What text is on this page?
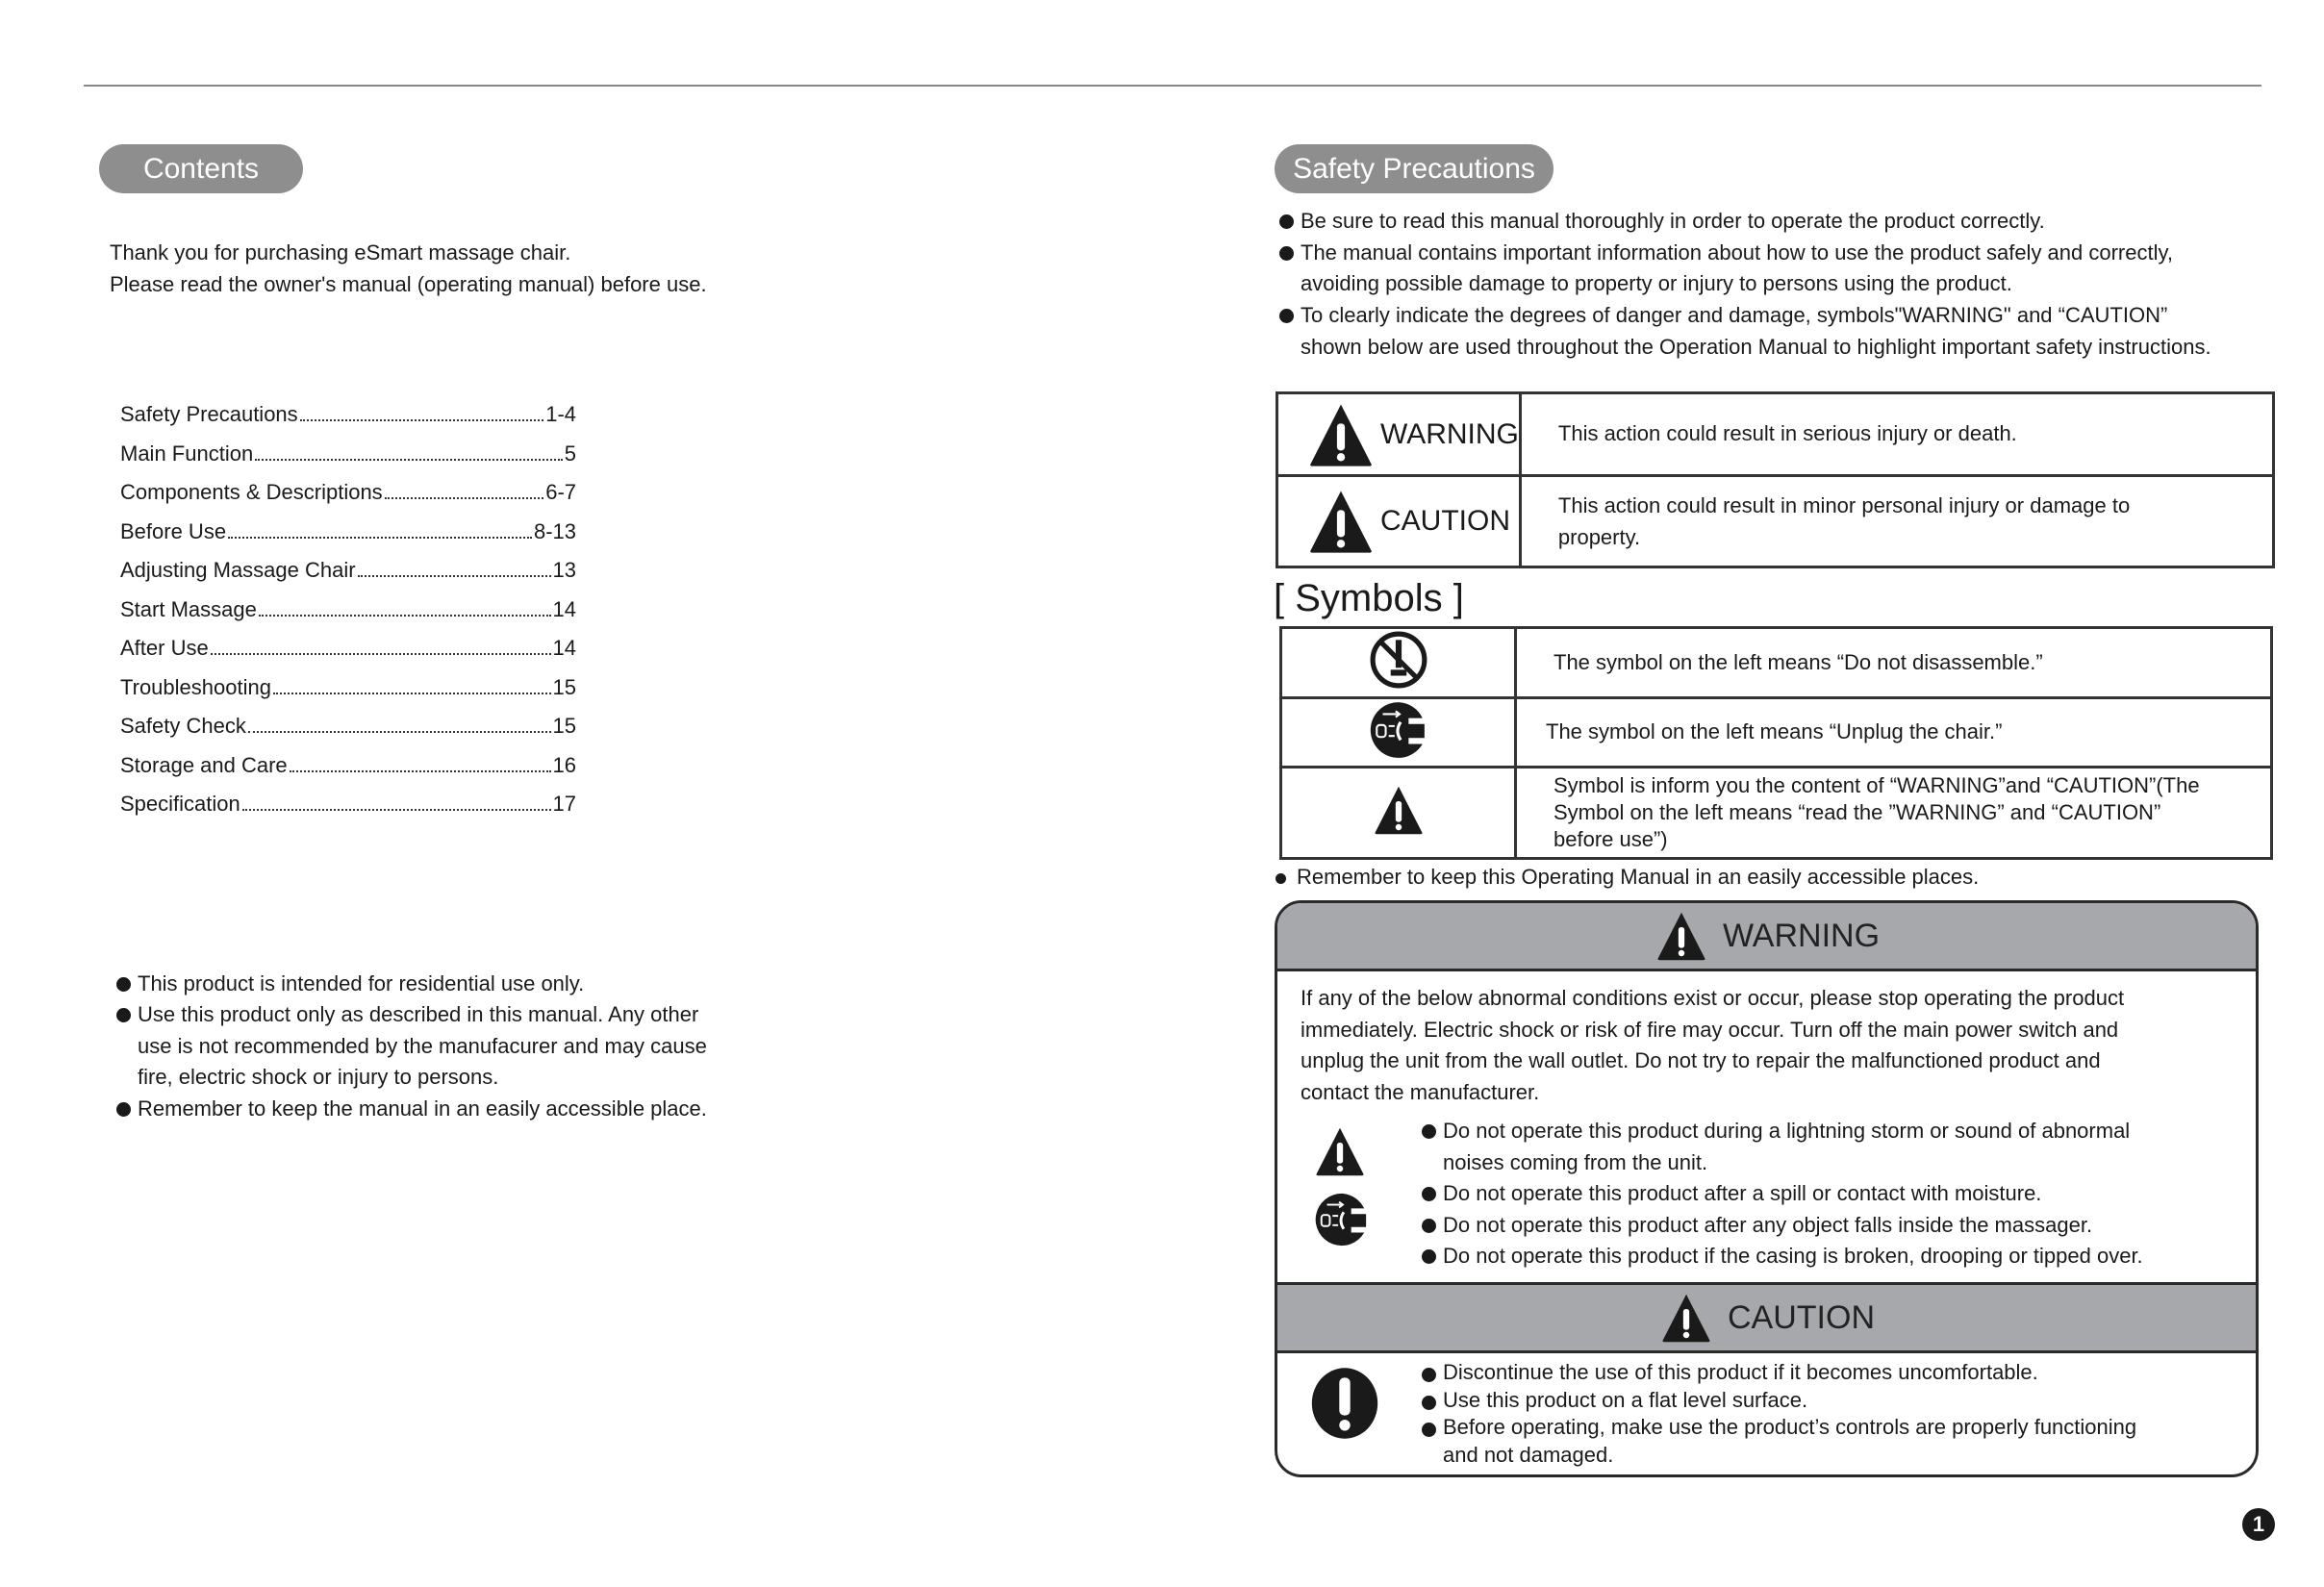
Contents
Thank you for purchasing eSmart massage chair.
Please read the owner's manual (operating manual) before use.
Safety Precautions	1-4
Main Function	5
Components & Descriptions	6-7
Before Use	8-13
Adjusting Massage Chair	13
Start Massage	14
After Use	14
Troubleshooting	15
Safety Check	15
Storage and Care	16
Specification	17
This product is intended for residential use only.
Use this product only as described in this manual. Any other
use is not recommended by the manufacurer and may cause
fire, electric shock or injury to persons.
Remember to keep the manual in an easily accessible place.
Safety Precautions
Be sure to read this manual thoroughly in order to operate the product correctly.
The manual contains important information about how to use the product safely and correctly,
avoiding possible damage to property or injury to persons using the product.
To clearly indicate the degrees of danger and damage, symbols"WARNING" and “CAUTION”
shown below are used throughout the Operation Manual to highlight important safety instructions.
WARNING	This action could result in serious injury or death.

CAUTION	This action could result in minor personal injury or damage to
property.
[ Symbols ]

The symbol on the left means “Do not disassemble.”

The symbol on the left means “Unplug the chair.”

Symbol is inform you the content of “WARNING”and “CAUTION”(The
Symbol on the left means “read the ”WARNING” and “CAUTION”
before use”)
Remember to keep this Operating Manual in an easily accessible places.
WARNING
If any of the below abnormal conditions exist or occur, please stop operating the product
immediately. Electric shock or risk of fire may occur. Turn off the main power switch and
unplug the unit from the wall outlet. Do not try to repair the malfunctioned product and
contact the manufacturer.
Do not operate this product during a lightning storm or sound of abnormal
noises coming from the unit.
Do not operate this product after a spill or contact with moisture.
Do not operate this product after any object falls inside the massager.
Do not operate this product if the casing is broken, drooping or tipped over.
CAUTION
Discontinue the use of this product if it becomes uncomfortable.
Use this product on a flat level surface.
Before operating, make use the product’s controls are properly functioning
and not damaged.
1
